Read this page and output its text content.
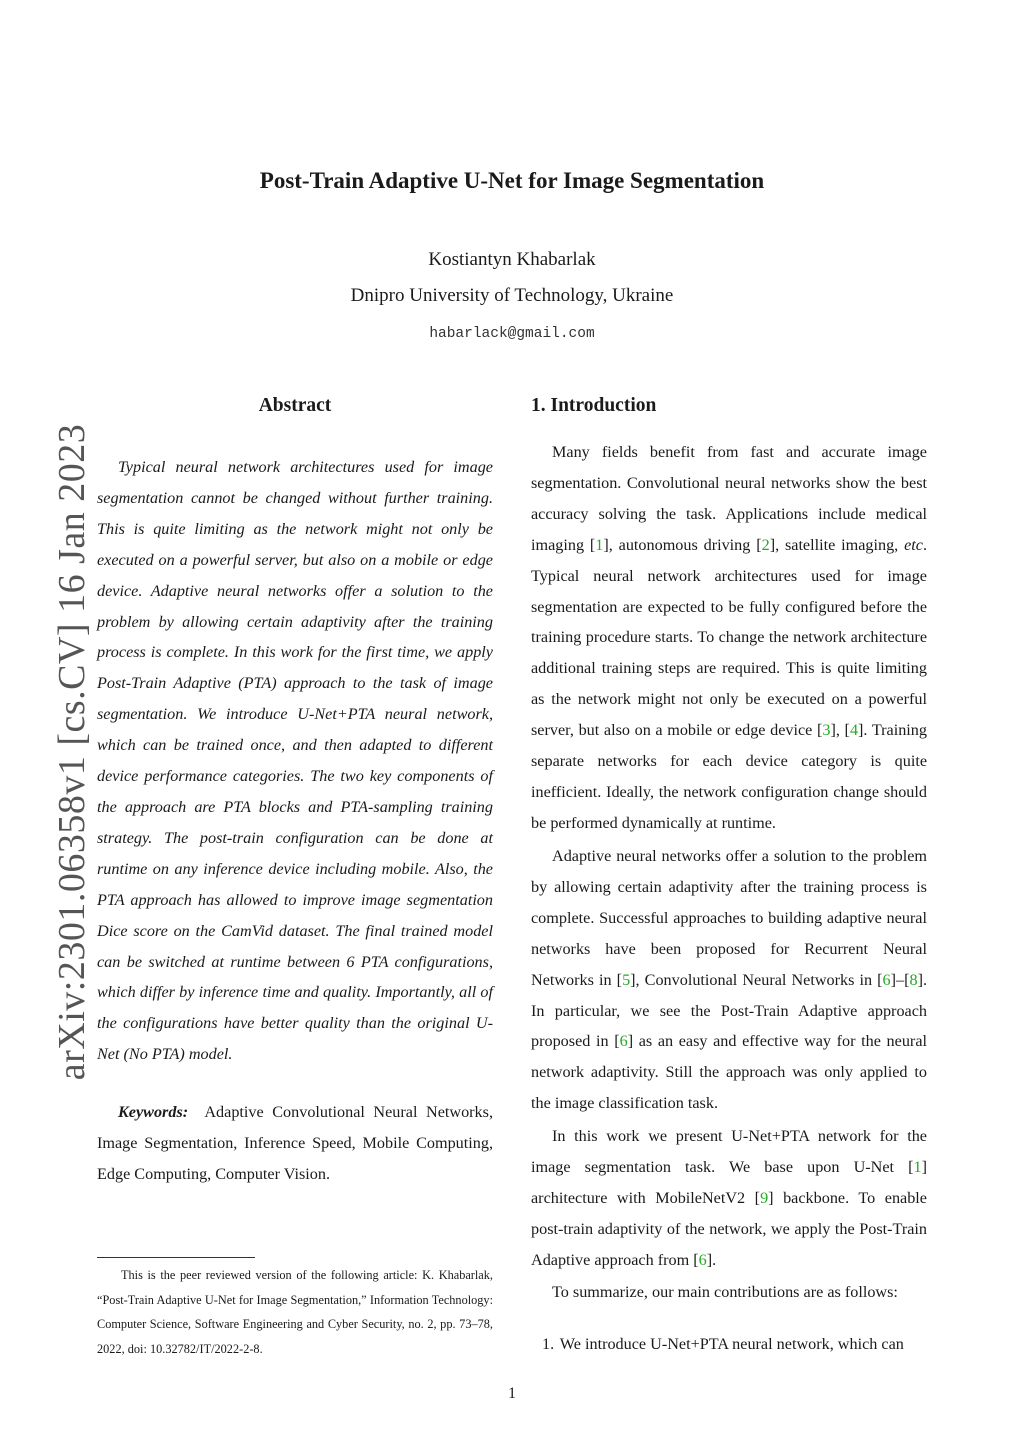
arXiv:2301.06358v1 [cs.CV] 16 Jan 2023
Post-Train Adaptive U-Net for Image Segmentation
Kostiantyn Khabarlak
Dnipro University of Technology, Ukraine
habarlack@gmail.com
Abstract
Typical neural network architectures used for image segmentation cannot be changed without further training. This is quite limiting as the network might not only be executed on a powerful server, but also on a mobile or edge device. Adaptive neural networks offer a solution to the problem by allowing certain adaptivity after the training process is complete. In this work for the first time, we apply Post-Train Adaptive (PTA) approach to the task of image segmentation. We introduce U-Net+PTA neural network, which can be trained once, and then adapted to different device performance categories. The two key components of the approach are PTA blocks and PTA-sampling training strategy. The post-train configuration can be done at runtime on any inference device including mobile. Also, the PTA approach has allowed to improve image segmentation Dice score on the CamVid dataset. The final trained model can be switched at runtime between 6 PTA configurations, which differ by inference time and quality. Importantly, all of the configurations have better quality than the original U-Net (No PTA) model.
Keywords: Adaptive Convolutional Neural Networks, Image Segmentation, Inference Speed, Mobile Computing, Edge Computing, Computer Vision.
This is the peer reviewed version of the following article: K. Khabarlak, “Post-Train Adaptive U-Net for Image Segmentation,” Information Technology: Computer Science, Software Engineering and Cyber Security, no. 2, pp. 73–78, 2022, doi: 10.32782/IT/2022-2-8.
1. Introduction
Many fields benefit from fast and accurate image segmentation. Convolutional neural networks show the best accuracy solving the task. Applications include medical imaging [1], autonomous driving [2], satellite imaging, etc. Typical neural network architectures used for image segmentation are expected to be fully configured before the training procedure starts. To change the network architecture additional training steps are required. This is quite limiting as the network might not only be executed on a powerful server, but also on a mobile or edge device [3], [4]. Training separate networks for each device category is quite inefficient. Ideally, the network configuration change should be performed dynamically at runtime.
Adaptive neural networks offer a solution to the problem by allowing certain adaptivity after the training process is complete. Successful approaches to building adaptive neural networks have been proposed for Recurrent Neural Networks in [5], Convolutional Neural Networks in [6]–[8]. In particular, we see the Post-Train Adaptive approach proposed in [6] as an easy and effective way for the neural network adaptivity. Still the approach was only applied to the image classification task.
In this work we present U-Net+PTA network for the image segmentation task. We base upon U-Net [1] architecture with MobileNetV2 [9] backbone. To enable post-train adaptivity of the network, we apply the Post-Train Adaptive approach from [6].
To summarize, our main contributions are as follows:
1. We introduce U-Net+PTA neural network, which can
1
